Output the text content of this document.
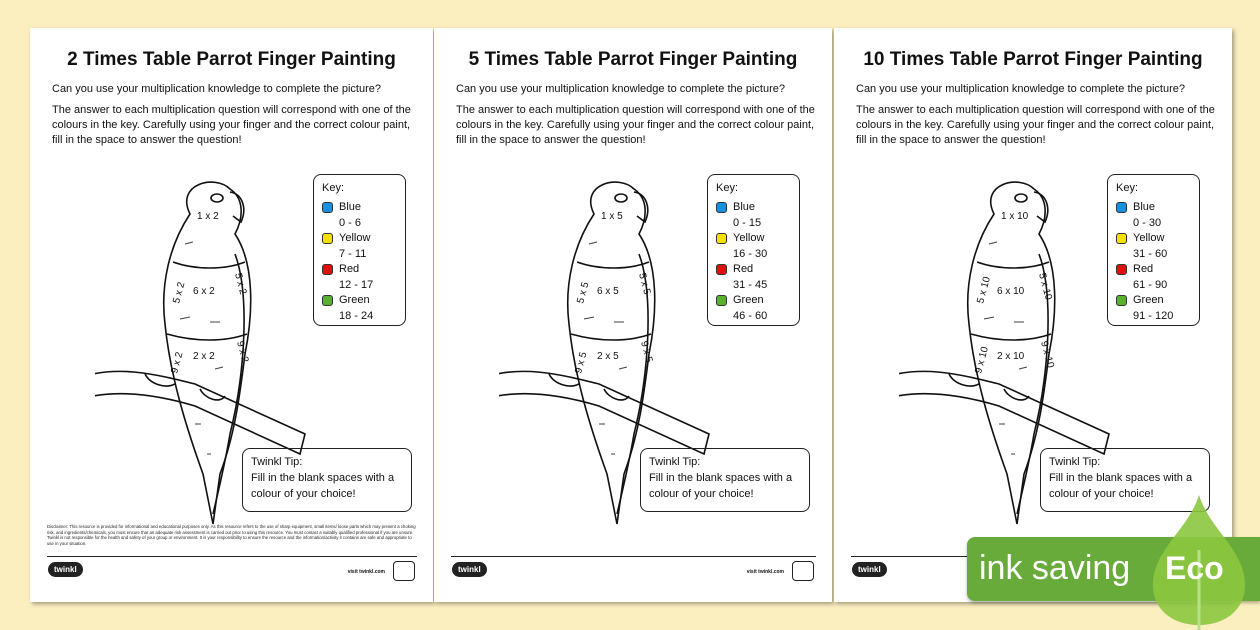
2 Times Table Parrot Finger Painting

Can you use your multiplication knowledge to complete the picture?

The answer to each multiplication question will correspond with one of the colours in the key. Carefully using your finger and the correct colour paint, fill in the space to answer the question!

1 x 2
5 x 2	5 x 2
6 x 2
9 x 2 2 x 2 9 x 2
Key:
Blue
0 - 6
Yellow
7 - 11
Red
12 - 17
Green
18 - 24
Twinkl Tip:
Fill in the blank spaces with a colour of your choice!
Disclaimer: This resource is provided for informational and educational purposes only. As this resource refers to the use of sharp equipment, small items/ loose parts which may present a choking risk, and ingredients/chemicals, you must ensure that an adequate risk assessment is carried out prior to using this resource. You must contact a suitably qualified professional if you are unsure. Twinkl is not responsible for the health and safety of your group or environment. It is your responsibility to ensure the resource and the information/activity it contains are safe and appropriate to use in your situation.
twinkl	visit twinkl.com
5 Times Table Parrot Finger Painting

Can you use your multiplication knowledge to complete the picture?

The answer to each multiplication question will correspond with one of the colours in the key. Carefully using your finger and the correct colour paint, fill in the space to answer the question!

1 x 5
5 x 5	5 x 5
6 x 5
9 x 5 2 x 5 9 x 5
Key:
Blue
0 - 15
Yellow
16 - 30
Red
31 - 45
Green
46 - 60
Twinkl Tip:
Fill in the blank spaces with a colour of your choice!
twinkl	visit twinkl.com
10 Times Table Parrot Finger Painting

Can you use your multiplication knowledge to complete the picture?

The answer to each multiplication question will correspond with one of the colours in the key. Carefully using your finger and the correct colour paint, fill in the space to answer the question!

1 x 10
5 x 10	5 x 10
6 x 10
9 x 10 2 x 10 9 x 10
Key:
Blue
0 - 30
Yellow
31 - 60
Red
61 - 90
Green
91 - 120
Twinkl Tip:
Fill in the blank spaces with a colour of your choice!
twinkl	ink saving Eco
